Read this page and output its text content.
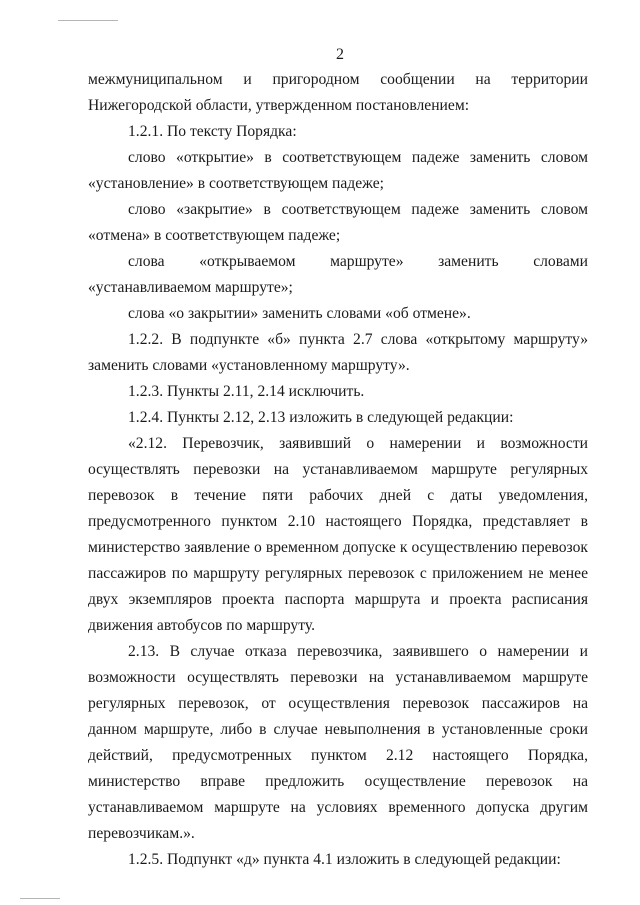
2

межмуниципальном и пригородном сообщении на территории Нижегородской области, утвержденном постановлением:

1.2.1. По тексту Порядка:

слово «открытие» в соответствующем падеже заменить словом «установление» в соответствующем падеже;

слово «закрытие» в соответствующем падеже заменить словом «отмена» в соответствующем падеже;

слова «открываемом маршруте» заменить словами «устанавливаемом маршруте»;

слова «о закрытии» заменить словами «об отмене».

1.2.2. В подпункте «б» пункта 2.7 слова «открытому маршруту» заменить словами «установленному маршруту».

1.2.3. Пункты 2.11, 2.14 исключить.

1.2.4. Пункты 2.12, 2.13 изложить в следующей редакции:

«2.12. Перевозчик, заявивший о намерении и возможности осуществлять перевозки на устанавливаемом маршруте регулярных перевозок в течение пяти рабочих дней с даты уведомления, предусмотренного пунктом 2.10 настоящего Порядка, представляет в министерство заявление о временном допуске к осуществлению перевозок пассажиров по маршруту регулярных перевозок с приложением не менее двух экземпляров проекта паспорта маршрута и проекта расписания движения автобусов по маршруту.

2.13. В случае отказа перевозчика, заявившего о намерении и возможности осуществлять перевозки на устанавливаемом маршруте регулярных перевозок, от осуществления перевозок пассажиров на данном маршруте, либо в случае невыполнения в установленные сроки действий, предусмотренных пунктом 2.12 настоящего Порядка, министерство вправе предложить осуществление перевозок на устанавливаемом маршруте на условиях временного допуска другим перевозчикам.».

1.2.5. Подпункт «д» пункта 4.1 изложить в следующей редакции:
